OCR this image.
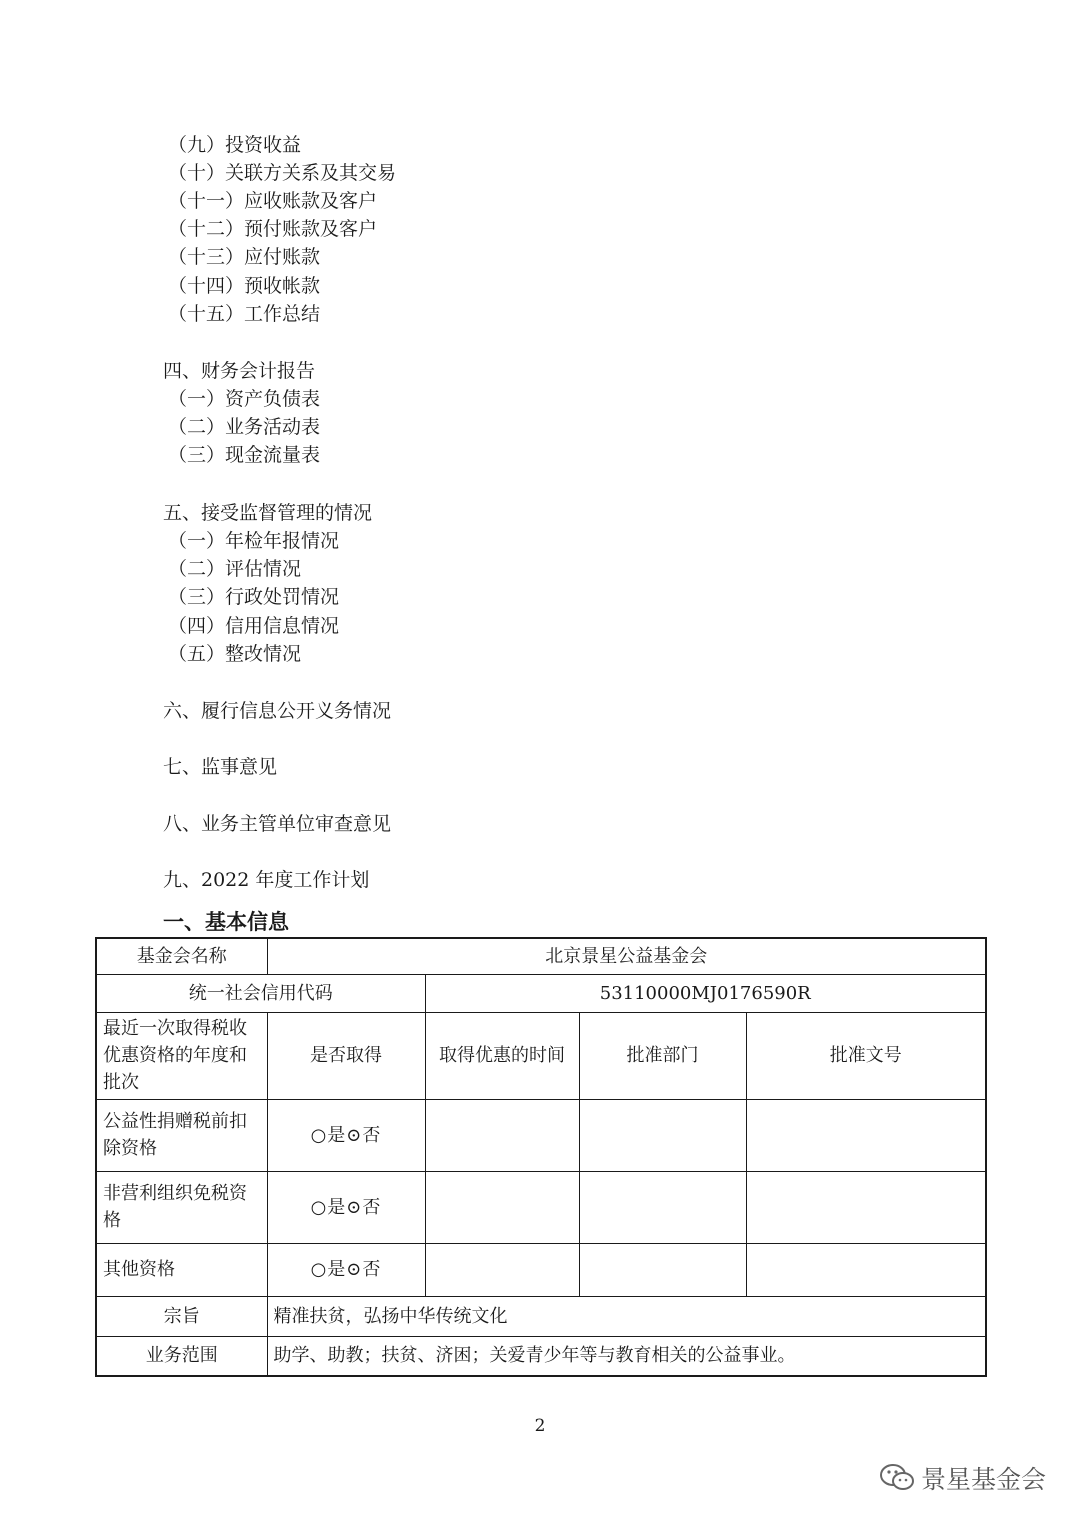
（九）投资收益
（十）关联方关系及其交易
（十一）应收账款及客户
（十二）预付账款及客户
（十三）应付账款
（十四）预收帐款
（十五）工作总结
四、财务会计报告
（一）资产负债表
（二）业务活动表
（三）现金流量表
五、接受监督管理的情况
（一）年检年报情况
（二）评估情况
（三）行政处罚情况
（四）信用信息情况
（五）整改情况
六、履行信息公开义务情况
七、监事意见
八、业务主管单位审查意见
九、2022 年度工作计划
一、基本信息
基金会名称	北京景星公益基金会			
统一社会信用代码		53110000MJ0176590R		
最近一次取得税收优惠资格的年度和批次	是否取得	取得优惠的时间	批准部门	批准文号
公益性捐赠税前扣除资格	○是⊙否			
非营利组织免税资格	○是⊙否			
其他资格	○是⊙否			
宗旨	精准扶贫，弘扬中华传统文化			
业务范围	助学、助教；扶贫、济困；关爱青少年等与教育相关的公益事业。			
2
景星基金会
